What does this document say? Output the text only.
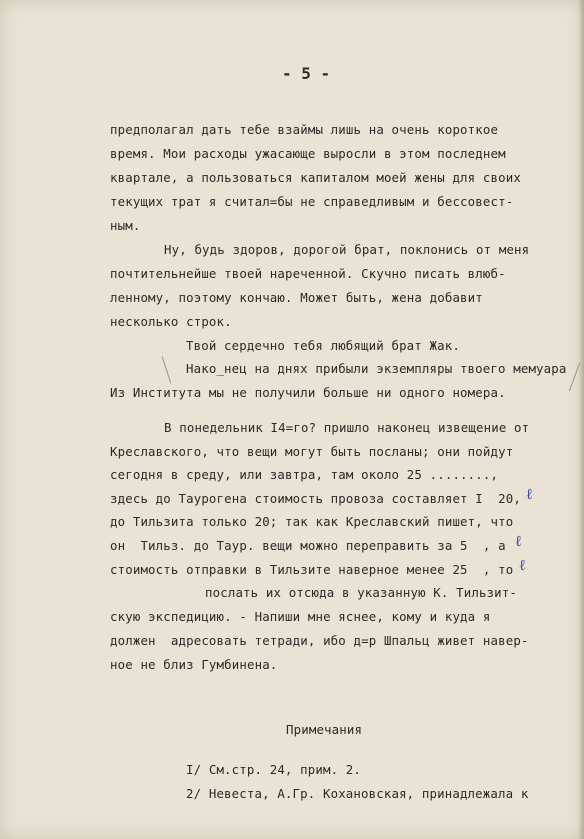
- 5 -
предполагал дать тебе взаймы лишь на очень короткое
время. Мои расходы ужасающе выросли в этом последнем
квартале, а пользоваться капиталом моей жены для своих
текущих трат я считал=бы не справедливым и бессовест-
ным.
Ну, будь здоров, дорогой брат, поклонись от меня
почтительнейше твоей нареченной. Скучно писать влюб-
ленному, поэтому кончаю. Может быть, жена добавит
несколько строк.
Твой сердечно тебя любящий брат Жак.
Нако_нец на днях прибыли экземпляры твоего мемуара
Из Института мы не получили больше ни одного номера.
В понедельник I4=го? пришло наконец извещение от
Креславского, что вещи могут быть посланы; они пойдут
сегодня в среду, или завтра, там около 25 ........,
здесь до Таурогена стоимость провоза составляет I  20,
до Тильзита только 20; так как Креславский пишет, что
он  Тильз. до Таур. вещи можно переправить за 5  , а
стоимость отправки в Тильзите наверное менее 25  , то
послать их отсюда в указанную К. Тильзит-
скую экспедицию. - Напиши мне яснее, кому и куда я
должен  адресовать тетради, ибо д=р Шпальц живет навер-
ное не близ Гумбинена.
Примечания
I/ См.стр. 24, прим. 2.
2/ Невеста, А.Гр. Кохановская, принадлежала к
ℓ
ℓ
ℓ
